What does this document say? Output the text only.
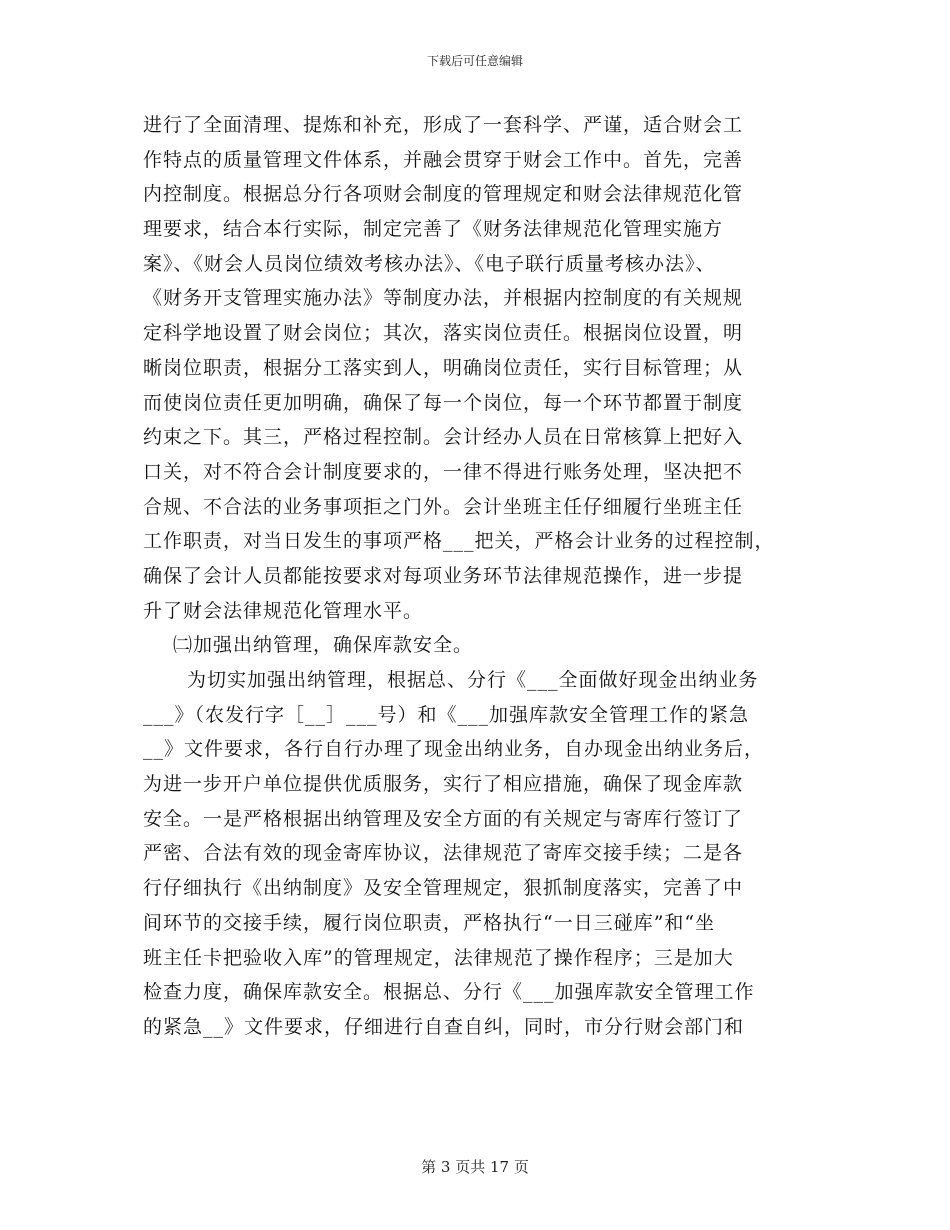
下载后可任意编辑
进行了全面清理、提炼和补充，形成了一套科学、严谨，适合财会工
作特点的质量管理文件体系，并融会贯穿于财会工作中。首先，完善
内控制度。根据总分行各项财会制度的管理规定和财会法律规范化管
理要求，结合本行实际，制定完善了《财务法律规范化管理实施方
案》、《财会人员岗位绩效考核办法》、《电子联行质量考核办法》、
《财务开支管理实施办法》等制度办法，并根据内控制度的有关规规
定科学地设置了财会岗位；其次，落实岗位责任。根据岗位设置，明
晰岗位职责，根据分工落实到人，明确岗位责任，实行目标管理；从
而使岗位责任更加明确，确保了每一个岗位，每一个环节都置于制度
约束之下。其三，严格过程控制。会计经办人员在日常核算上把好入
口关，对不符合会计制度要求的，一律不得进行账务处理，坚决把不
合规、不合法的业务事项拒之门外。会计坐班主任仔细履行坐班主任
工作职责，对当日发生的事项严格___把关，严格会计业务的过程控制，
确保了会计人员都能按要求对每项业务环节法律规范操作，进一步提
升了财会法律规范化管理水平。
㈡加强出纳管理，确保库款安全。
为切实加强出纳管理，根据总、分行《___全面做好现金出纳业务
___》（农发行字［__］___号）和《___加强库款安全管理工作的紧急
__》文件要求，各行自行办理了现金出纳业务，自办现金出纳业务后，
为进一步开户单位提供优质服务，实行了相应措施，确保了现金库款
安全。一是严格根据出纳管理及安全方面的有关规定与寄库行签订了
严密、合法有效的现金寄库协议，法律规范了寄库交接手续；二是各
行仔细执行《出纳制度》及安全管理规定，狠抓制度落实，完善了中
间环节的交接手续，履行岗位职责，严格执行“一日三碰库”和“坐
班主任卡把验收入库”的管理规定，法律规范了操作程序；三是加大
检查力度，确保库款安全。根据总、分行《___加强库款安全管理工作
的紧急__》文件要求，仔细进行自查自纠，同时，市分行财会部门和
第 3 页共 17 页
